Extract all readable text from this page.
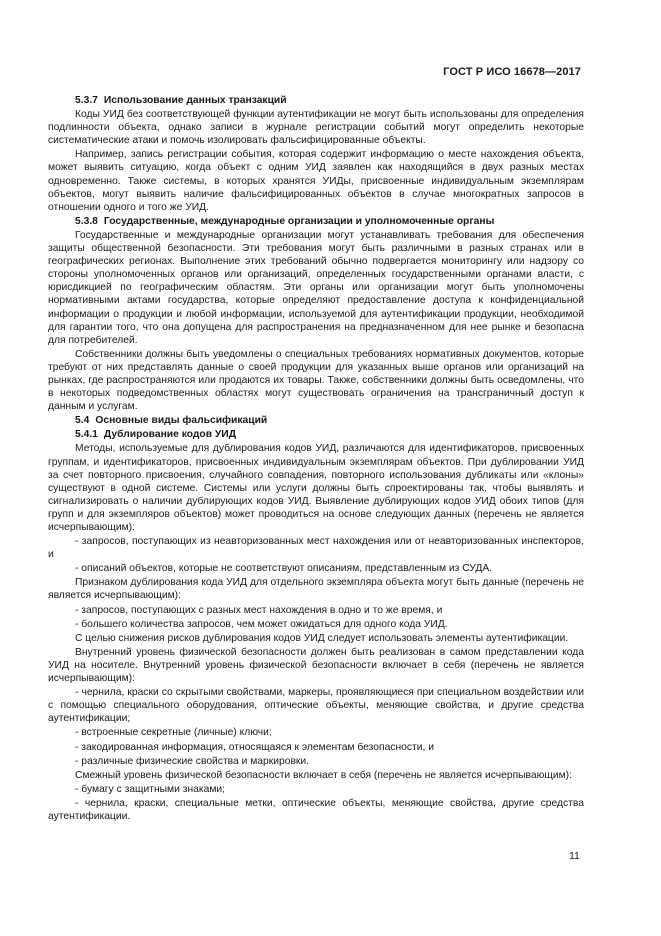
ГОСТ Р ИСО 16678—2017
5.3.7 Использование данных транзакций
Коды УИД без соответствующей функции аутентификации не могут быть использованы для определения подлинности объекта, однако записи в журнале регистрации событий могут определить некоторые систематические атаки и помочь изолировать фальсифицированные объекты.
Например, запись регистрации события, которая содержит информацию о месте нахождения объекта, может выявить ситуацию, когда объект с одним УИД заявлен как находящийся в двух разных местах одновременно. Также системы, в которых хранятся УИДы, присвоенные индивидуальным экземплярам объектов, могут выявить наличие фальсифицированных объектов в случае многократных запросов в отношении одного и того же УИД.
5.3.8 Государственные, международные организации и уполномоченные органы
Государственные и международные организации могут устанавливать требования для обеспечения защиты общественной безопасности. Эти требования могут быть различными в разных странах или в географических регионах. Выполнение этих требований обычно подвергается мониторингу или надзору со стороны уполномоченных органов или организаций, определенных государственными органами власти, с юрисдикцией по географическим областям. Эти органы или организации могут быть уполномочены нормативными актами государства, которые определяют предоставление доступа к конфиденциальной информации о продукции и любой информации, используемой для аутентификации продукции, необходимой для гарантии того, что она допущена для распространения на предназначенном для нее рынке и безопасна для потребителей.
Собственники должны быть уведомлены о специальных требованиях нормативных документов, которые требуют от них представлять данные о своей продукции для указанных выше органов или организаций на рынках, где распространяются или продаются их товары. Также, собственники должны быть осведомлены, что в некоторых подведомственных областях могут существовать ограничения на трансграничный доступ к данным и услугам.
5.4 Основные виды фальсификаций
5.4.1 Дублирование кодов УИД
Методы, используемые для дублирования кодов УИД, различаются для идентификаторов, присвоенных группам, и идентификаторов, присвоенных индивидуальным экземплярам объектов. При дублировании УИД за счет повторного присвоения, случайного совпадения, повторного использования дубликаты или «клоны» существуют в одной системе. Системы или услуги должны быть спроектированы так, чтобы выявлять и сигнализировать о наличии дублирующих кодов УИД. Выявление дублирующих кодов УИД обоих типов (для групп и для экземпляров объектов) может проводиться на основе следующих данных (перечень не является исчерпывающим):
- запросов, поступающих из неавторизованных мест нахождения или от неавторизованных инспекторов, и
- описаний объектов, которые не соответствуют описаниям, представленным из СУДА.
Признаком дублирования кода УИД для отдельного экземпляра объекта могут быть данные (перечень не является исчерпывающим):
- запросов, поступающих с разных мест нахождения в одно и то же время, и
- большего количества запросов, чем может ожидаться для одного кода УИД.
С целью снижения рисков дублирования кодов УИД следует использовать элементы аутентификации.
Внутренний уровень физической безопасности должен быть реализован в самом представлении кода УИД на носителе. Внутренний уровень физической безопасности включает в себя (перечень не является исчерпывающим):
- чернила, краски со скрытыми свойствами, маркеры, проявляющиеся при специальном воздействии или с помощью специального оборудования, оптические объекты, меняющие свойства, и другие средства аутентификации;
- встроенные секретные (личные) ключи;
- закодированная информация, относящаяся к элементам безопасности, и
- различные физические свойства и маркировки.
Смежный уровень физической безопасности включает в себя (перечень не является исчерпывающим):
- бумагу с защитными знаками;
- чернила, краски, специальные метки, оптические объекты, меняющие свойства, другие средства аутентификации.
11
